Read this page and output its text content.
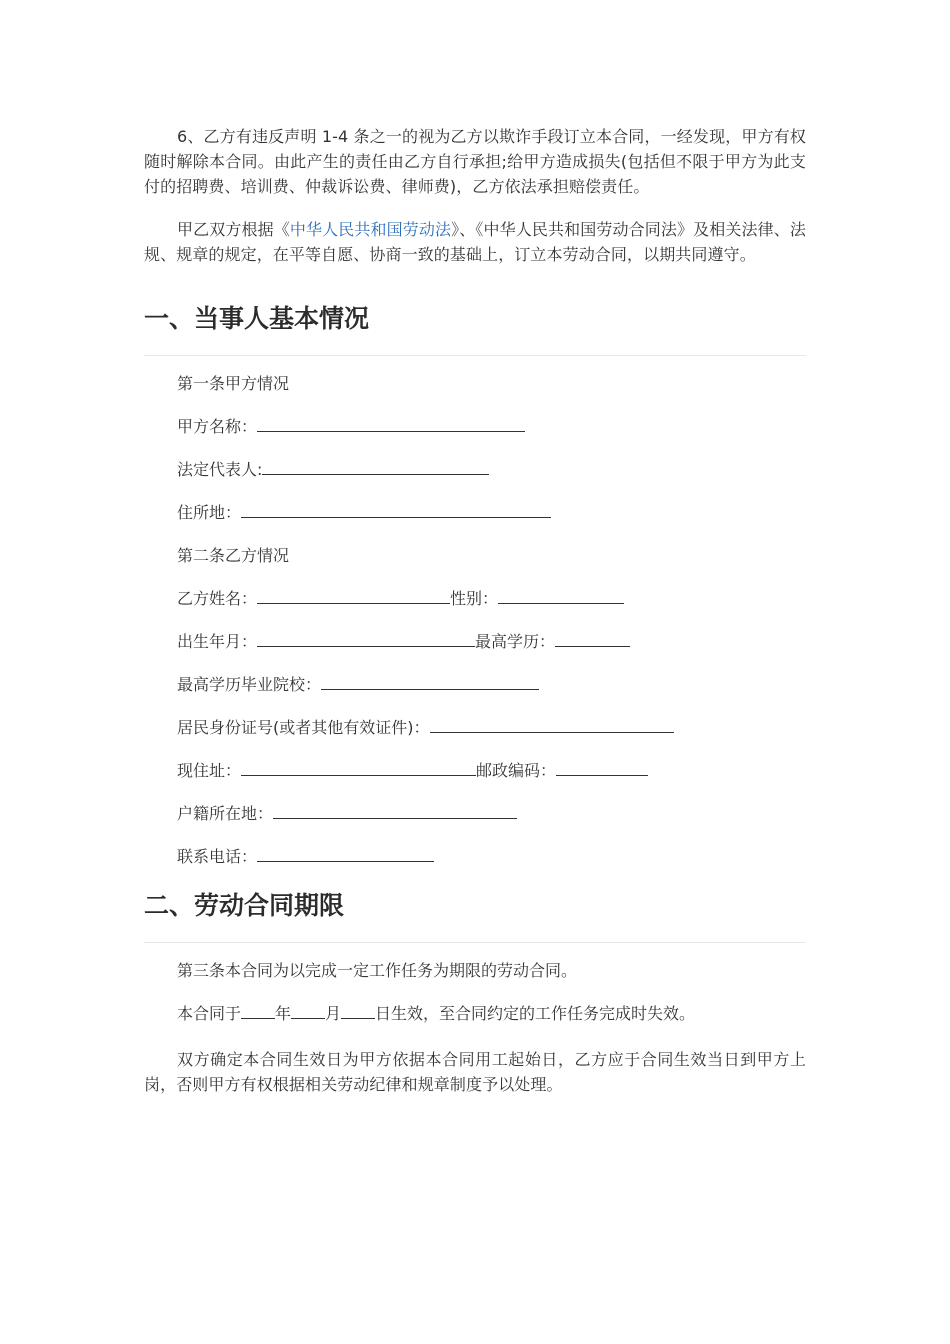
6、乙方有违反声明 1-4 条之一的视为乙方以欺诈手段订立本合同，一经发现，甲方有权随时解除本合同。由此产生的责任由乙方自行承担;给甲方造成损失(包括但不限于甲方为此支付的招聘费、培训费、仲裁诉讼费、律师费)，乙方依法承担赔偿责任。

甲乙双方根据《中华人民共和国劳动法》、《中华人民共和国劳动合同法》及相关法律、法规、规章的规定，在平等自愿、协商一致的基础上，订立本劳动合同，以期共同遵守。

一、当事人基本情况
第一条甲方情况
甲方名称：
法定代表人:
住所地：
第二条乙方情况
乙方姓名：	性别：
出生年月：	最高学历：
最高学历毕业院校：
居民身份证号(或者其他有效证件)：
现住址：	邮政编码：
户籍所在地：
联系电话：
二、劳动合同期限
第三条本合同为以完成一定工作任务为期限的劳动合同。
本合同于 年 月 日生效，至合同约定的工作任务完成时失效。

双方确定本合同生效日为甲方依据本合同用工起始日，乙方应于合同生效当日到甲方上岗，否则甲方有权根据相关劳动纪律和规章制度予以处理。
